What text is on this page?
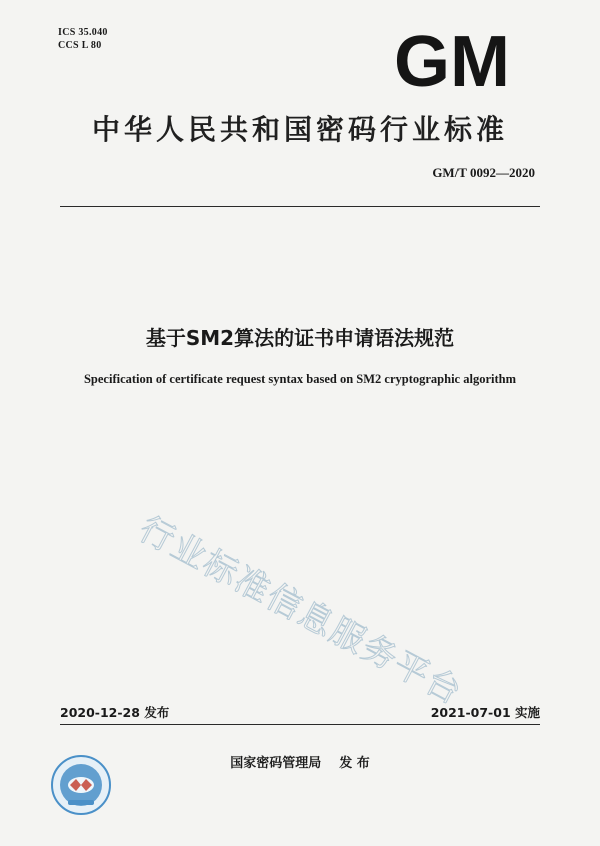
ICS 35.040
CCS L 80	GM
中华人民共和国密码行业标准
GM/T 0092—2020
基于SM2算法的证书申请语法规范
Specification of certificate request syntax based on SM2 cryptographic algorithm
行业标准信息服务平台
2020-12-28 发布	2021-07-01 实施
国家密码管理局 发 布
